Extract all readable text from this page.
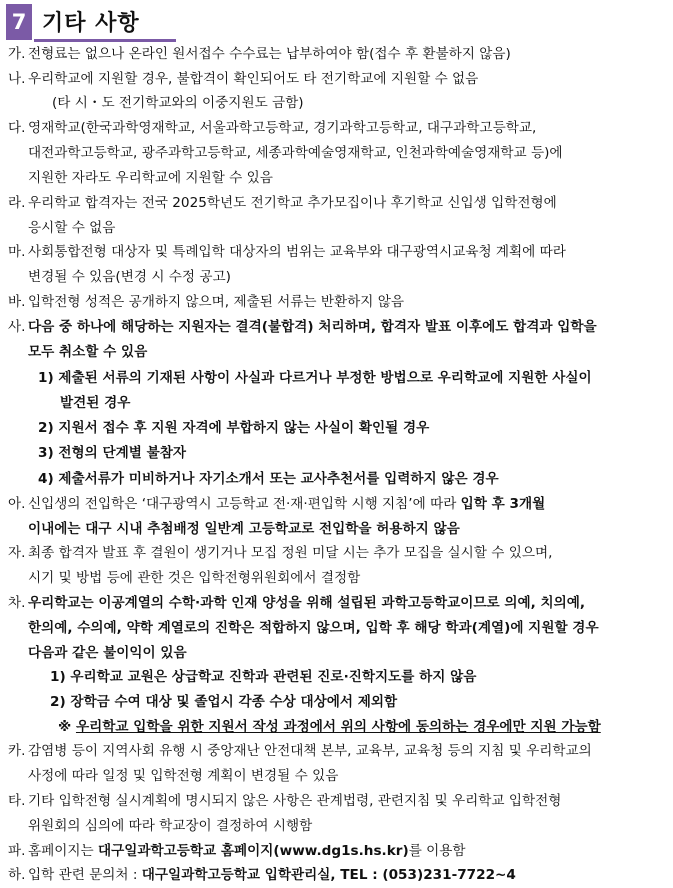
7 기타 사항
가. 전형료는 없으나 온라인 원서접수 수수료는 납부하여야 함(접수 후 환불하지 않음)
나. 우리학교에 지원할 경우, 불합격이 확인되어도 타 전기학교에 지원할 수 없음
(타 시・도 전기학교와의 이중지원도 금함)
다. 영재학교(한국과학영재학교, 서울과학고등학교, 경기과학고등학교, 대구과학고등학교,
대전과학고등학교, 광주과학고등학교, 세종과학예술영재학교, 인천과학예술영재학교 등)에
지원한 자라도 우리학교에 지원할 수 있음
라. 우리학교 합격자는 전국 2025학년도 전기학교 추가모집이나 후기학교 신입생 입학전형에
응시할 수 없음
마. 사회통합전형 대상자 및 특례입학 대상자의 범위는 교육부와 대구광역시교육청 계획에 따라
변경될 수 있음(변경 시 수정 공고)
바. 입학전형 성적은 공개하지 않으며, 제출된 서류는 반환하지 않음
사. 다음 중 하나에 해당하는 지원자는 결격(불합격) 처리하며, 합격자 발표 이후에도 합격과 입학을
모두 취소할 수 있음
1) 제출된 서류의 기재된 사항이 사실과 다르거나 부정한 방법으로 우리학교에 지원한 사실이
발견된 경우
2) 지원서 접수 후 지원 자격에 부합하지 않는 사실이 확인될 경우
3) 전형의 단계별 불참자
4) 제출서류가 미비하거나 자기소개서 또는 교사추천서를 입력하지 않은 경우
아. 신입생의 전입학은 ‘대구광역시 고등학교 전·재·편입학 시행 지침’에 따라 입학 후 3개월
이내에는 대구 시내 추첨배정 일반계 고등학교로 전입학을 허용하지 않음
자. 최종 합격자 발표 후 결원이 생기거나 모집 정원 미달 시는 추가 모집을 실시할 수 있으며,
시기 및 방법 등에 관한 것은 입학전형위원회에서 결정함
차. 우리학교는 이공계열의 수학·과학 인재 양성을 위해 설립된 과학고등학교이므로 의예, 치의예,
한의예, 수의예, 약학 계열로의 진학은 적합하지 않으며, 입학 후 해당 학과(계열)에 지원할 경우
다음과 같은 불이익이 있음
1) 우리학교 교원은 상급학교 진학과 관련된 진로·진학지도를 하지 않음
2) 장학금 수여 대상 및 졸업시 각종 수상 대상에서 제외함
※ 우리학교 입학을 위한 지원서 작성 과정에서 위의 사항에 동의하는 경우에만 지원 가능함
카. 감염병 등이 지역사회 유행 시 중앙재난 안전대책 본부, 교육부, 교육청 등의 지침 및 우리학교의
사정에 따라 일정 및 입학전형 계획이 변경될 수 있음
타. 기타 입학전형 실시계획에 명시되지 않은 사항은 관계법령, 관련지침 및 우리학교 입학전형
위원회의 심의에 따라 학교장이 결정하여 시행함
파. 홈페이지는 대구일과학고등학교 홈페이지(www.dg1s.hs.kr)를 이용함
하. 입학 관련 문의처 : 대구일과학고등학교 입학관리실, TEL : (053)231-7722~4
